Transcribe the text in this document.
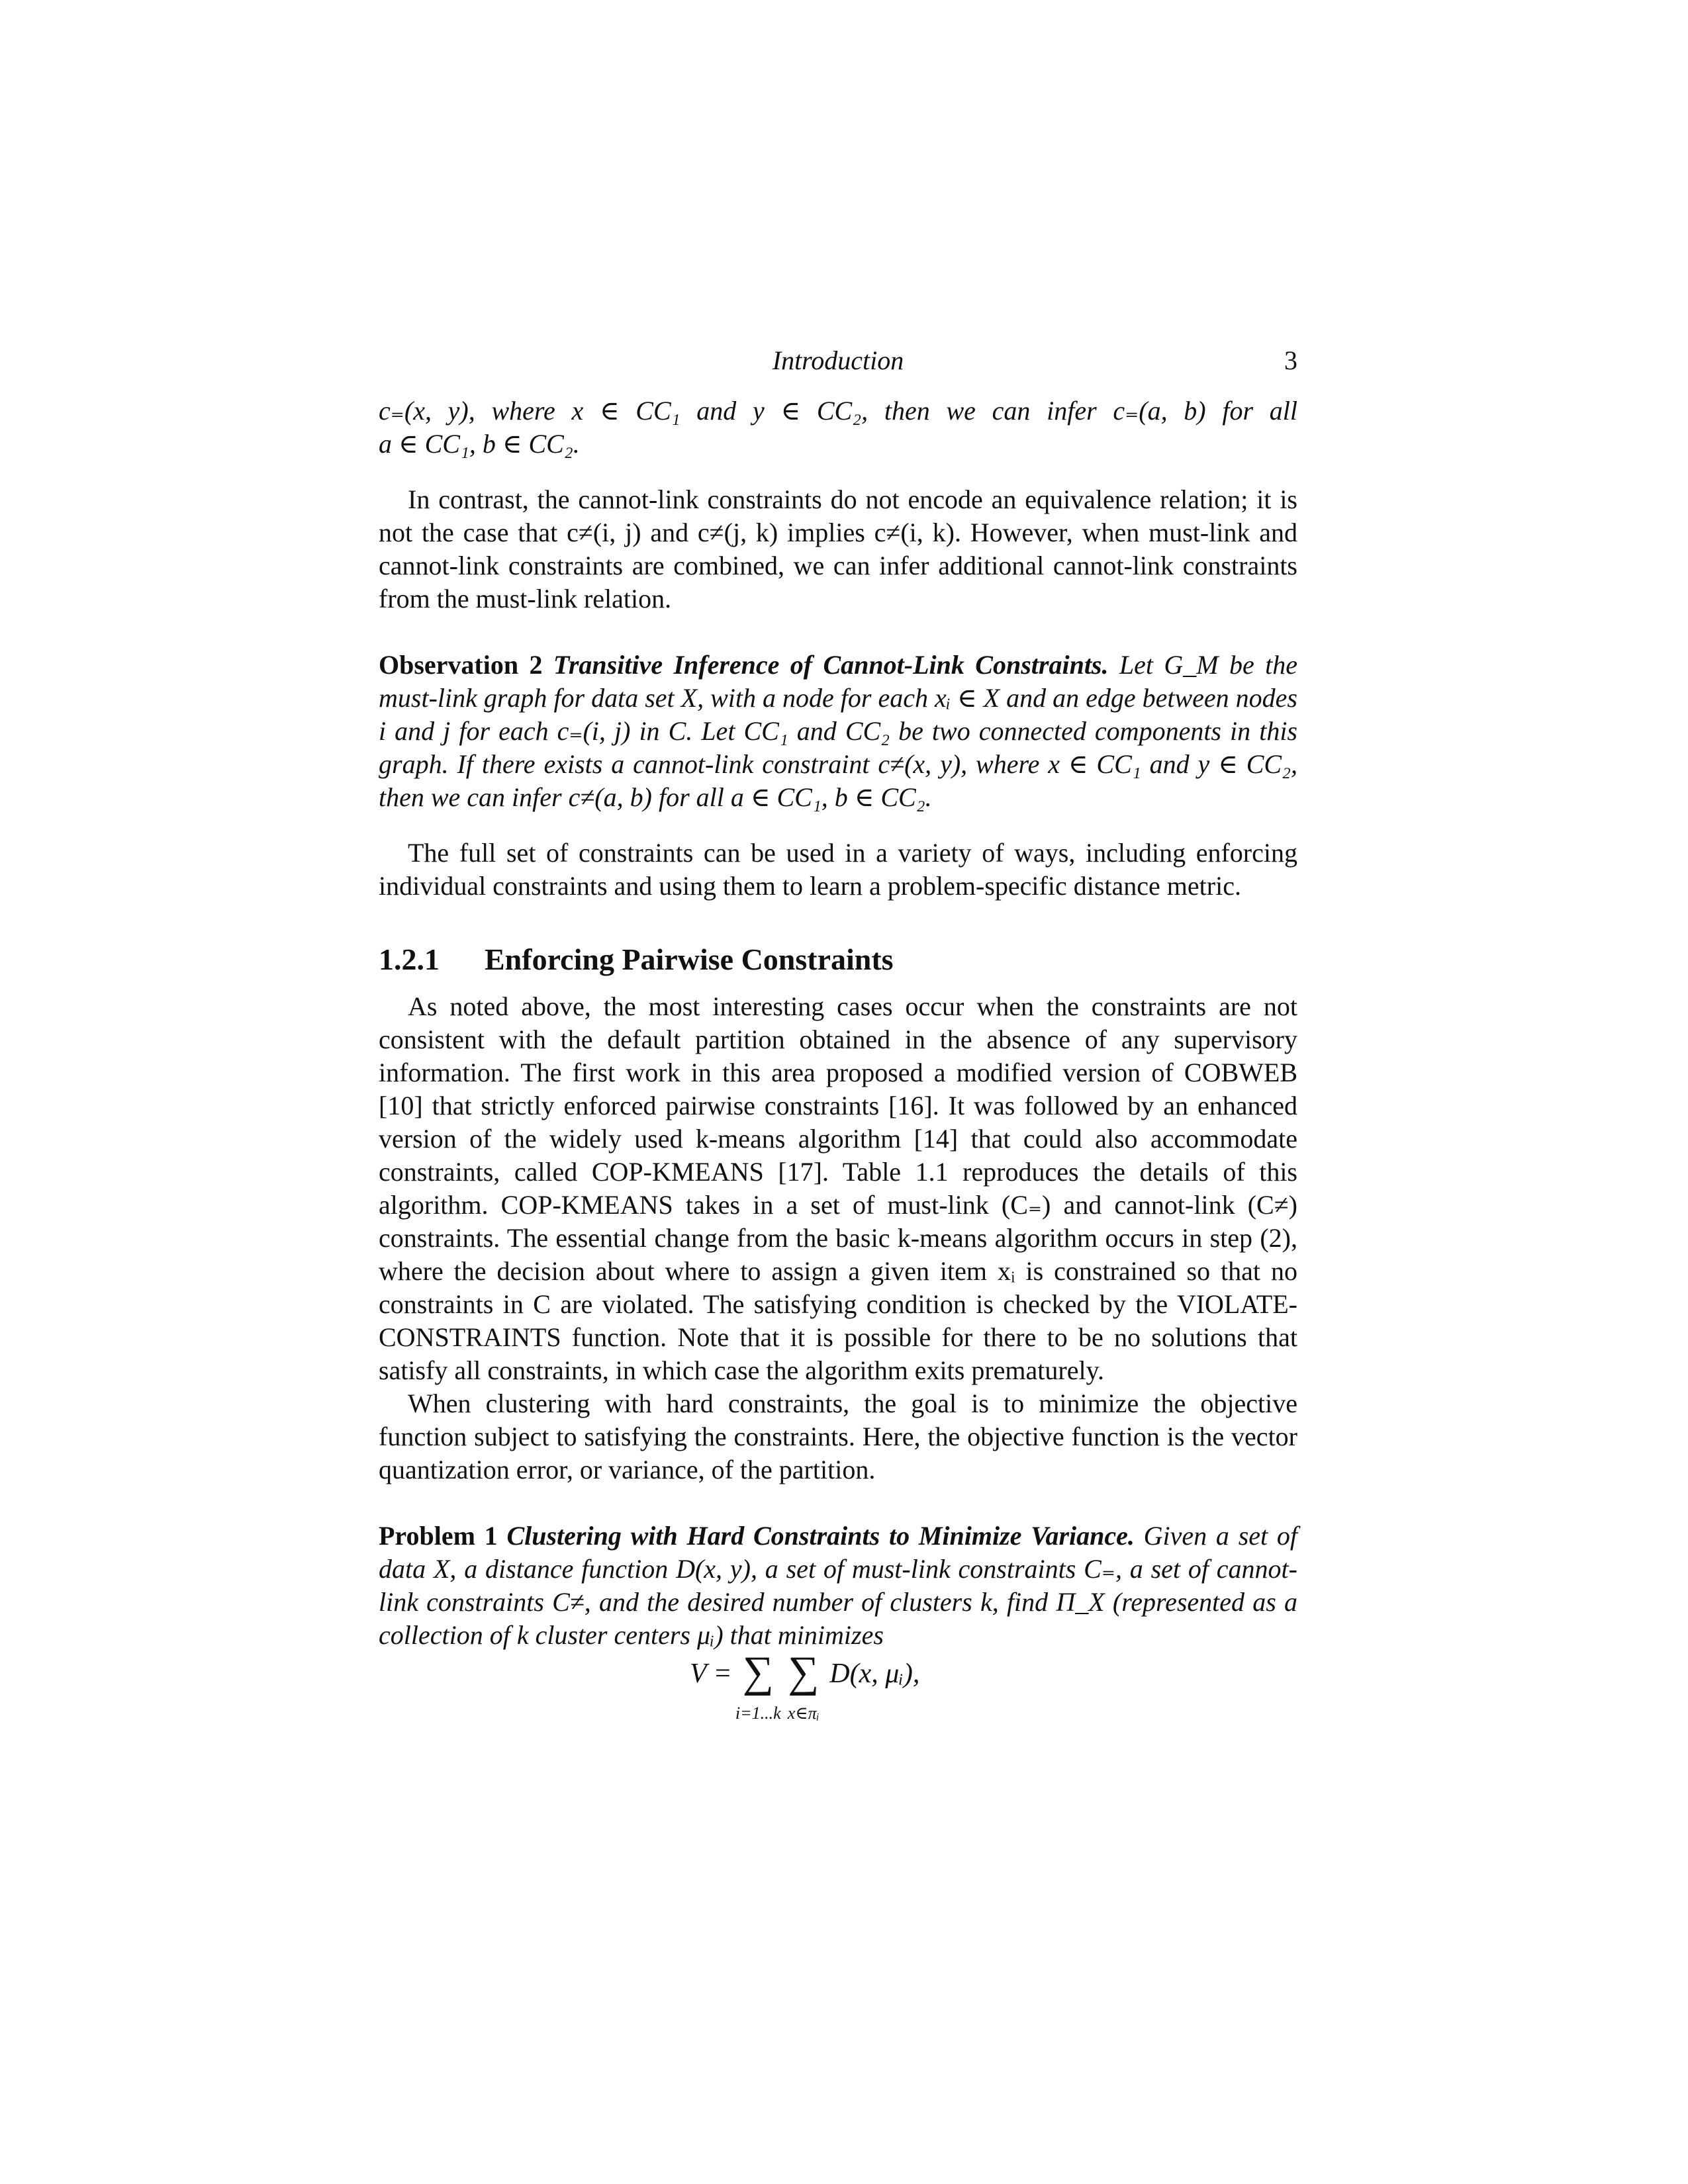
Introduction	3

c₌(x, y), where x ∈ CC₁ and y ∈ CC₂, then we can infer c₌(a, b) for all

a ∈ CC₁, b ∈ CC₂.

In contrast, the cannot-link constraints do not encode an equivalence relation; it is not the case that c≠(i, j) and c≠(j, k) implies c≠(i, k). However, when must-link and cannot-link constraints are combined, we can infer additional cannot-link constraints from the must-link relation.

Observation 2 Transitive Inference of Cannot-Link Constraints. Let G_M be the must-link graph for data set X, with a node for each xᵢ ∈ X and an edge between nodes i and j for each c₌(i, j) in C. Let CC₁ and CC₂ be two connected components in this graph. If there exists a cannot-link constraint c≠(x, y), where x ∈ CC₁ and y ∈ CC₂, then we can infer c≠(a, b) for all a ∈ CC₁, b ∈ CC₂.

The full set of constraints can be used in a variety of ways, including enforcing individual constraints and using them to learn a problem-specific distance metric.

1.2.1 Enforcing Pairwise Constraints

As noted above, the most interesting cases occur when the constraints are not consistent with the default partition obtained in the absence of any supervisory information. The first work in this area proposed a modified version of COBWEB [10] that strictly enforced pairwise constraints [16]. It was followed by an enhanced version of the widely used k-means algorithm [14] that could also accommodate constraints, called COP-KMEANS [17]. Table 1.1 reproduces the details of this algorithm. COP-KMEANS takes in a set of must-link (C₌) and cannot-link (C≠) constraints. The essential change from the basic k-means algorithm occurs in step (2), where the decision about where to assign a given item xᵢ is constrained so that no constraints in C are violated. The satisfying condition is checked by the VIOLATE-CONSTRAINTS function. Note that it is possible for there to be no solutions that satisfy all constraints, in which case the algorithm exits prematurely.

When clustering with hard constraints, the goal is to minimize the objective function subject to satisfying the constraints. Here, the objective function is the vector quantization error, or variance, of the partition.

Problem 1 Clustering with Hard Constraints to Minimize Variance. Given a set of data X, a distance function D(x, y), a set of must-link constraints C₌, a set of cannot-link constraints C≠, and the desired number of clusters k, find Π_X (represented as a collection of k cluster centers μᵢ) that minimizes

V = ∑
i=1...k
∑
x∈πᵢ
D(x, μᵢ),
